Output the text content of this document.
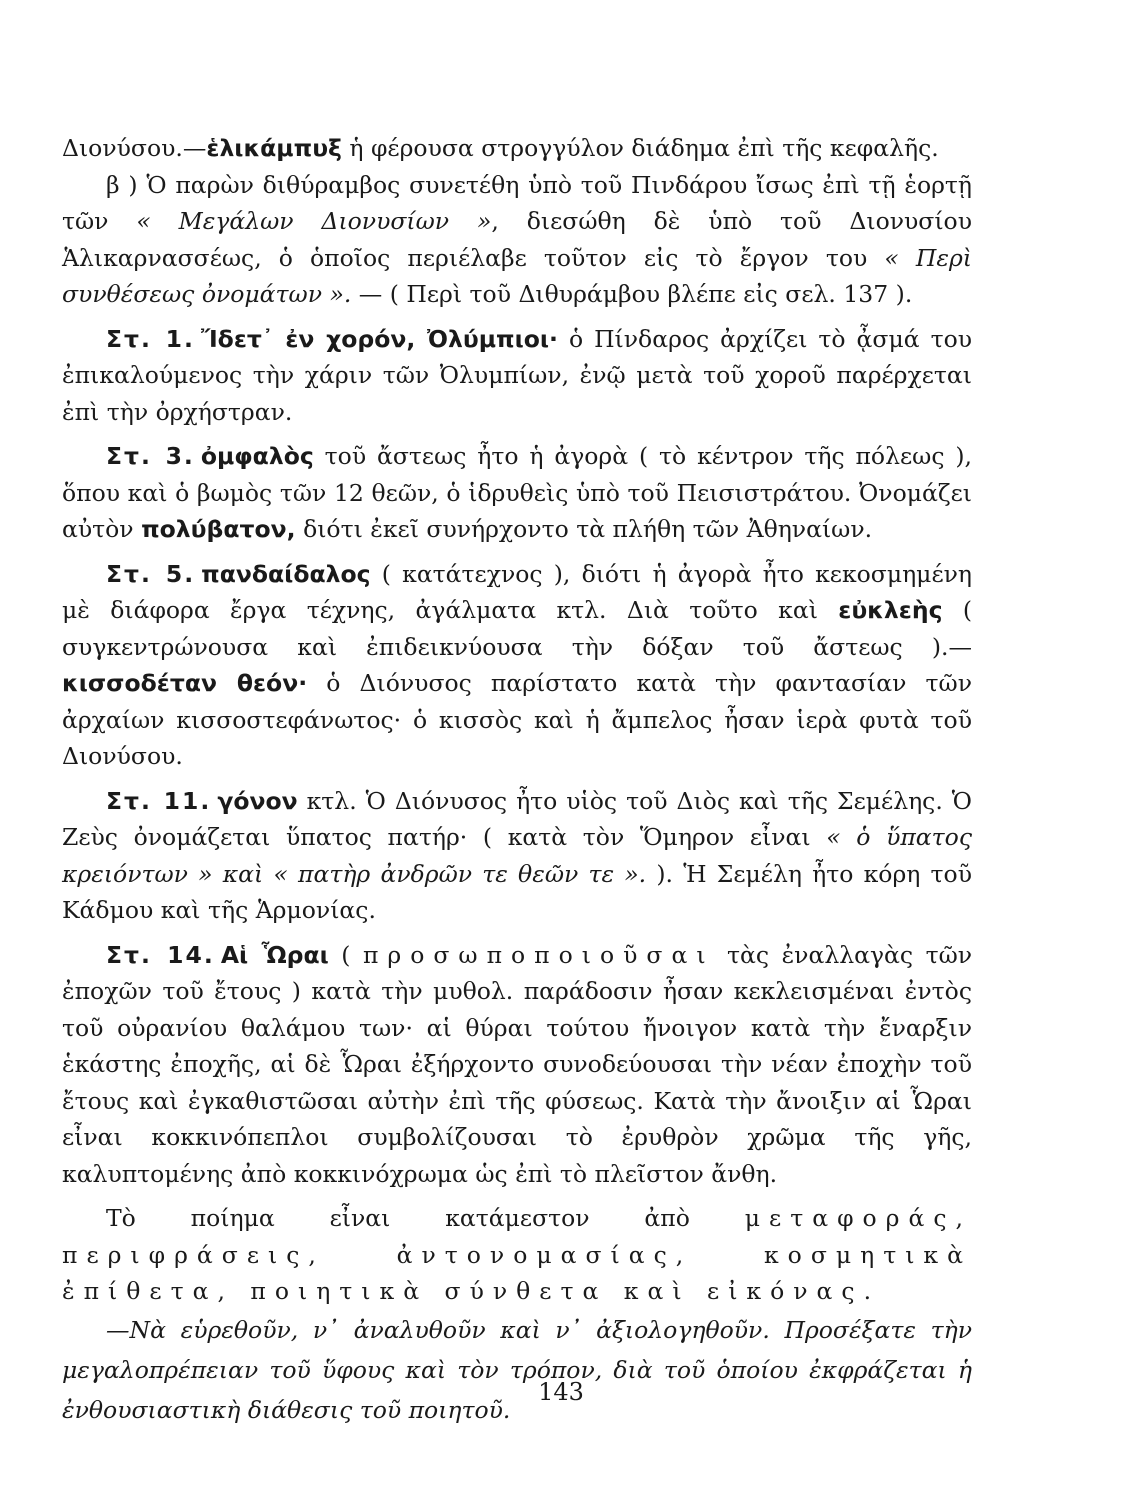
Διονύσου.—ἑλικάμπυξ ἡ φέρουσα στρογγύλον διάδημα ἐπὶ τῆς κεφαλῆς.

β ) Ὁ παρὼν διθύραμβος συνετέθη ὑπὸ τοῦ Πινδάρου ἴσως ἐπὶ τῇ ἑορτῇ τῶν « Μεγάλων Διονυσίων », διεσώθη δὲ ὑπὸ τοῦ Διονυσίου Ἁλικαρνασσέως, ὁ ὁποῖος περιέλαβε τοῦτον εἰς τὸ ἔργον του « Περὶ συνθέσεως ὀνομάτων ». — ( Περὶ τοῦ Διθυράμβου βλέπε εἰς σελ. 137 ).

Στ. 1. Ἴδετ᾽ ἐν χορόν, Ὀλύμπιοι· ὁ Πίνδαρος ἀρχίζει τὸ ᾆσμά του ἐπικαλούμενος τὴν χάριν τῶν Ὀλυμπίων, ἐνῷ μετὰ τοῦ χοροῦ παρέρχεται ἐπὶ τὴν ὀρχήστραν.

Στ. 3. ὀμφαλὸς τοῦ ἄστεως ἦτο ἡ ἀγορὰ ( τὸ κέντρον τῆς πόλεως ), ὅπου καὶ ὁ βωμὸς τῶν 12 θεῶν, ὁ ἱδρυθεὶς ὑπὸ τοῦ Πεισιστράτου. Ὀνομάζει αὐτὸν πολύβατον, διότι ἐκεῖ συνήρχοντο τὰ πλήθη τῶν Ἀθηναίων.

Στ. 5. πανδαίδαλος ( κατάτεχνος ), διότι ἡ ἀγορὰ ἦτο κεκοσμημένη μὲ διάφορα ἔργα τέχνης, ἀγάλματα κτλ. Διὰ τοῦτο καὶ εὐκλεὴς ( συγκεντρώνουσα καὶ ἐπιδεικνύουσα τὴν δόξαν τοῦ ἄστεως ).—κισσοδέταν θεόν· ὁ Διόνυσος παρίστατο κατὰ τὴν φαντασίαν τῶν ἀρχαίων κισσοστεφάνωτος· ὁ κισσὸς καὶ ἡ ἄμπελος ἦσαν ἱερὰ φυτὰ τοῦ Διονύσου.

Στ. 11. γόνον κτλ. Ὁ Διόνυσος ἦτο υἱὸς τοῦ Διὸς καὶ τῆς Σεμέλης. Ὁ Ζεὺς ὀνομάζεται ὕπατος πατήρ· ( κατὰ τὸν Ὅμηρον εἶναι « ὁ ὕπατος κρειόντων » καὶ « πατὴρ ἀνδρῶν τε θεῶν τε ». ). Ἡ Σεμέλη ἦτο κόρη τοῦ Κάδμου καὶ τῆς Ἁρμονίας.

Στ. 14. Αἱ Ὧραι ( προσωποποιοῦσαι τὰς ἐναλλαγὰς τῶν ἐποχῶν τοῦ ἔτους ) κατὰ τὴν μυθολ. παράδοσιν ἦσαν κεκλεισμέναι ἐντὸς τοῦ οὐρανίου θαλάμου των· αἱ θύραι τούτου ἤνοιγον κατὰ τὴν ἔναρξιν ἑκάστης ἐποχῆς, αἱ δὲ Ὧραι ἐξήρχοντο συνοδεύουσαι τὴν νέαν ἐποχὴν τοῦ ἔτους καὶ ἐγκαθιστῶσαι αὐτὴν ἐπὶ τῆς φύσεως. Κατὰ τὴν ἄνοιξιν αἱ Ὧραι εἶναι κοκκινόπεπλοι συμβολίζουσαι τὸ ἐρυθρὸν χρῶμα τῆς γῆς, καλυπτομένης ἀπὸ κοκκινόχρωμα ὡς ἐπὶ τὸ πλεῖστον ἄνθη.

Τὸ ποίημα εἶναι κατάμεστον ἀπὸ μεταφοράς, περιφράσεις, ἀντονομασίας, κοσμητικὰ ἐπίθετα, ποιητικὰ σύνθετα καὶ εἰκόνας.

—Νὰ εὑρεθοῦν, ν᾽ ἀναλυθοῦν καὶ ν᾽ ἀξιολογηθοῦν. Προσέξατε τὴν μεγαλοπρέπειαν τοῦ ὕφους καὶ τὸν τρόπον, διὰ τοῦ ὁποίου ἐκφράζεται ἡ ἐνθουσιαστικὴ διάθεσις τοῦ ποιητοῦ.

143
